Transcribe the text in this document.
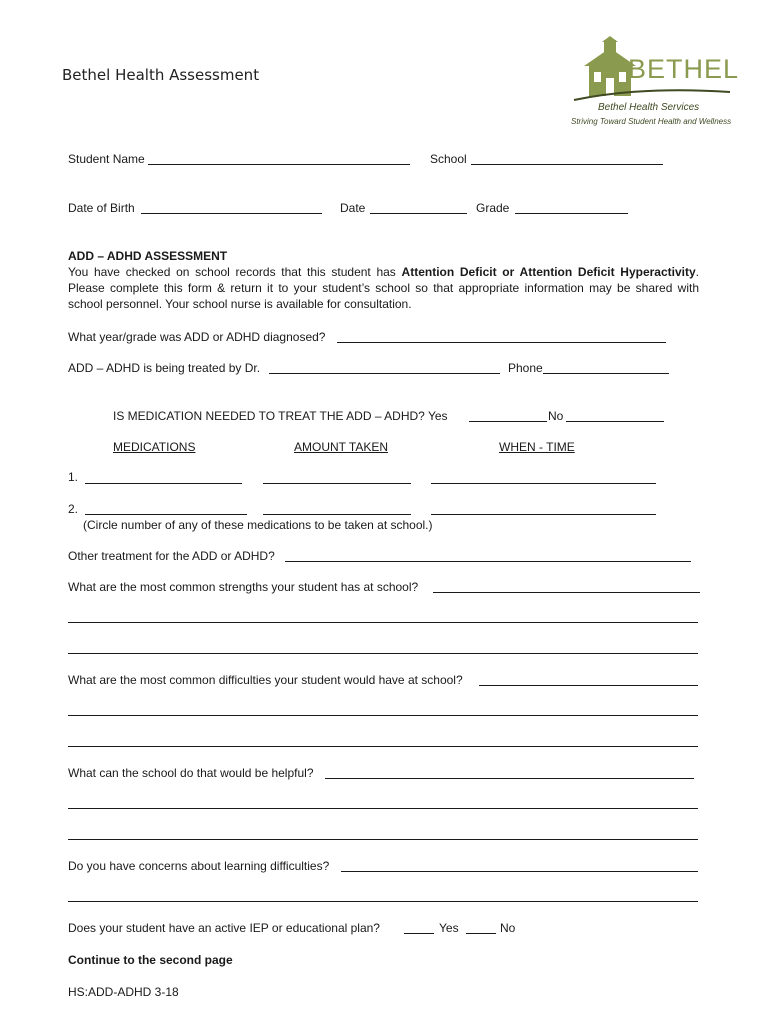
Bethel Health Assessment	BETHEL
Bethel Health Services
Striving Toward Student Health and Wellness
Student Name	School
Date of Birth	Date	Grade
ADD – ADHD ASSESSMENT
You have checked on school records that this student has Attention Deficit or Attention Deficit Hyperactivity. Please complete this form & return it to your student’s school so that appropriate information may be shared with school personnel. Your school nurse is available for consultation.
What year/grade was ADD or ADHD diagnosed?
ADD – ADHD is being treated by Dr.	Phone
IS MEDICATION NEEDED TO TREAT THE ADD – ADHD? Yes	No
MEDICATIONS	AMOUNT TAKEN	WHEN - TIME
1.
2.
(Circle number of any of these medications to be taken at school.)
Other treatment for the ADD or ADHD?
What are the most common strengths your student has at school?
What are the most common difficulties your student would have at school?
What can the school do that would be helpful?
Do you have concerns about learning difficulties?
Does your student have an active IEP or educational plan?	Yes	No
Continue to the second page
HS:ADD-ADHD 3-18
